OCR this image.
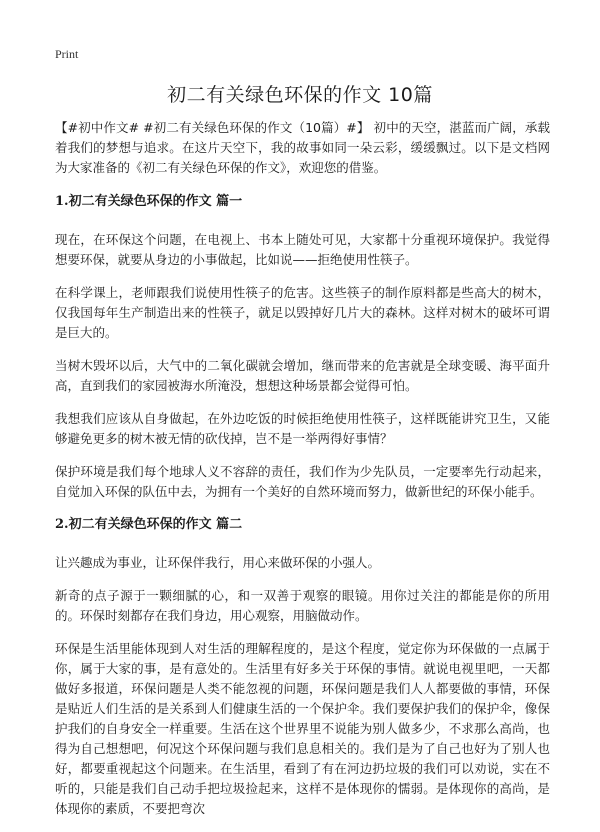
Print
初二有关绿色环保的作文 10篇

【#初中作文# #初二有关绿色环保的作文（10篇）#】 初中的天空，湛蓝而广阔，承载着我们的梦想与追求。在这片天空下，我的故事如同一朵云彩，缓缓飘过。以下是文档网为大家准备的《初二有关绿色环保的作文》，欢迎您的借鉴。

1.初二有关绿色环保的作文 篇一

现在，在环保这个问题，在电视上、书本上随处可见，大家都十分重视环境保护。我觉得想要环保，就要从身边的小事做起，比如说——拒绝使用性筷子。

在科学课上，老师跟我们说使用性筷子的危害。这些筷子的制作原料都是些高大的树木，仅我国每年生产制造出来的性筷子，就足以毁掉好几片大的森林。这样对树木的破坏可谓是巨大的。

当树木毁坏以后，大气中的二氧化碳就会增加，继而带来的危害就是全球变暖、海平面升高，直到我们的家园被海水所淹没，想想这种场景都会觉得可怕。

我想我们应该从自身做起，在外边吃饭的时候拒绝使用性筷子，这样既能讲究卫生，又能够避免更多的树木被无情的砍伐掉，岂不是一举两得好事情？

保护环境是我们每个地球人义不容辞的责任，我们作为少先队员，一定要率先行动起来，自觉加入环保的队伍中去，为拥有一个美好的自然环境而努力，做新世纪的环保小能手。

2.初二有关绿色环保的作文 篇二

让兴趣成为事业，让环保伴我行，用心来做环保的小强人。

新奇的点子源于一颗细腻的心，和一双善于观察的眼镜。用你过关注的都能是你的所用的。环保时刻都存在我们身边，用心观察，用脑做动作。

环保是生活里能体现到人对生活的理解程度的，是这个程度，觉定你为环保做的一点属于你，属于大家的事，是有意处的。生活里有好多关于环保的事情。就说电视里吧，一天都做好多报道，环保问题是人类不能忽视的问题，环保问题是我们人人都要做的事情，环保是贴近人们生活的是关系到人们健康生活的一个保护伞。我们要保护我们的保护伞，像保护我们的自身安全一样重要。生活在这个世界里不说能为别人做多少，不求那么高尚，也得为自己想想吧，何况这个环保问题与我们息息相关的。我们是为了自己也好为了别人也好，都要重视起这个问题来。在生活里，看到了有在河边扔垃圾的我们可以劝说，实在不听的，只能是我们自己动手把垃圾捡起来，这样不是体现你的懦弱。是体现你的高尚，是体现你的素质，不要把弯次
